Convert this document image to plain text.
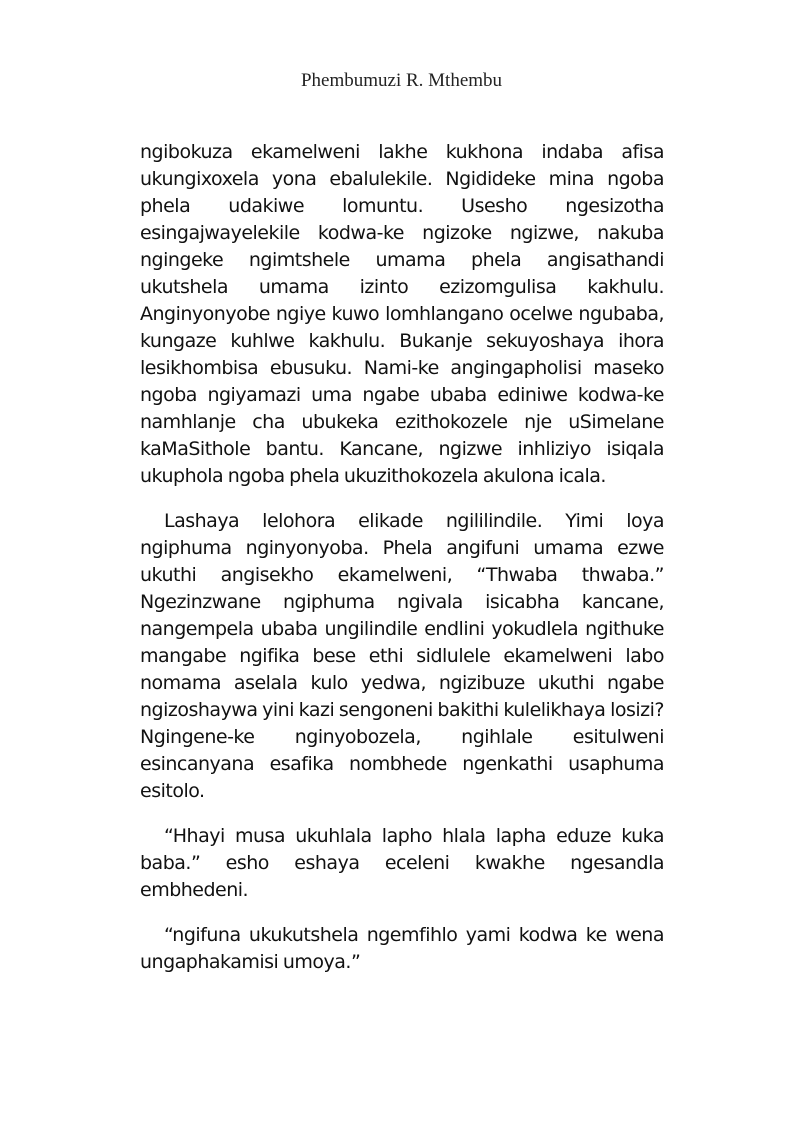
Phembumuzi R. Mthembu

ngibokuza ekamelweni lakhe kukhona indaba afisa ukungixoxela yona ebalulekile. Ngidideke mina ngoba phela udakiwe lomuntu. Usesho ngesizotha esingajwayelekile kodwa-ke ngizoke ngizwe, nakuba ngingeke ngimtshele umama phela angisathandi ukutshela umama izinto ezizomgulisa kakhulu. Anginyonyobe ngiye kuwo lomhlangano ocelwe ngubaba, kungaze kuhlwe kakhulu. Bukanje sekuyoshaya ihora lesikhombisa ebusuku. Nami-ke angingapholisi maseko ngoba ngiyamazi uma ngabe ubaba ediniwe kodwa-ke namhlanje cha ubukeka ezithokozele nje uSimelane kaMaSithole bantu. Kancane, ngizwe inhliziyo isiqala ukuphola ngoba phela ukuzithokozela akulona icala.

Lashaya lelohora elikade ngililindile. Yimi loya ngiphuma nginyonyoba. Phela angifuni umama ezwe ukuthi angisekho ekamelweni, “Thwaba thwaba.” Ngezinzwane ngiphuma ngivala isicabha kancane, nangempela ubaba ungilindile endlini yokudlela ngithuke mangabe ngifika bese ethi sidlulele ekamelweni labo nomama aselala kulo yedwa, ngizibuze ukuthi ngabe ngizoshaywa yini kazi sengoneni bakithi kulelikhaya losizi? Ngingene-ke nginyobozela, ngihlale esitulweni esincanyana esafika nombhede ngenkathi usaphuma esitolo.

“Hhayi musa ukuhlala lapho hlala lapha eduze kuka baba.” esho eshaya eceleni kwakhe ngesandla embhedeni.

“ngifuna ukukutshela ngemfihlo yami kodwa ke wena ungaphakamisi umoya.”
